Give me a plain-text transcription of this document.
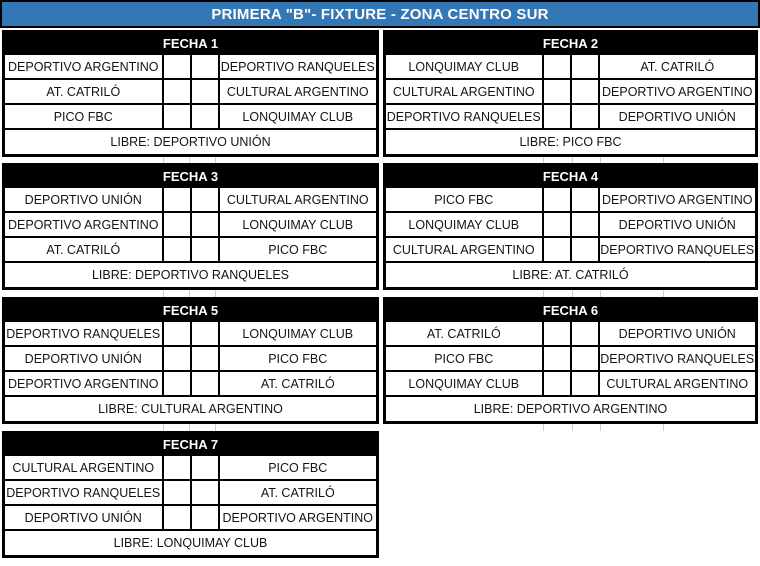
PRIMERA "B"- FIXTURE - ZONA CENTRO SUR
FECHA 1
DEPORTIVO ARGENTINO	DEPORTIVO RANQUELES
AT. CATRILÓ	CULTURAL ARGENTINO
PICO FBC	LONQUIMAY CLUB
LIBRE: DEPORTIVO UNIÓN
FECHA 2
LONQUIMAY CLUB	AT. CATRILÓ
CULTURAL ARGENTINO	DEPORTIVO ARGENTINO
DEPORTIVO RANQUELES	DEPORTIVO UNIÓN
LIBRE: PICO FBC
FECHA 3
DEPORTIVO UNIÓN	CULTURAL ARGENTINO
DEPORTIVO ARGENTINO	LONQUIMAY CLUB
AT. CATRILÓ	PICO FBC
LIBRE: DEPORTIVO RANQUELES
FECHA 4
PICO FBC	DEPORTIVO ARGENTINO
LONQUIMAY CLUB	DEPORTIVO UNIÓN
CULTURAL ARGENTINO	DEPORTIVO RANQUELES
LIBRE: AT. CATRILÓ
FECHA 5
DEPORTIVO RANQUELES	LONQUIMAY CLUB
DEPORTIVO UNIÓN	PICO FBC
DEPORTIVO ARGENTINO	AT. CATRILÓ
LIBRE: CULTURAL ARGENTINO
FECHA 6
AT. CATRILÓ	DEPORTIVO UNIÓN
PICO FBC	DEPORTIVO RANQUELES
LONQUIMAY CLUB	CULTURAL ARGENTINO
LIBRE: DEPORTIVO ARGENTINO
FECHA 7
CULTURAL ARGENTINO	PICO FBC
DEPORTIVO RANQUELES	AT. CATRILÓ
DEPORTIVO UNIÓN	DEPORTIVO ARGENTINO
LIBRE: LONQUIMAY CLUB
